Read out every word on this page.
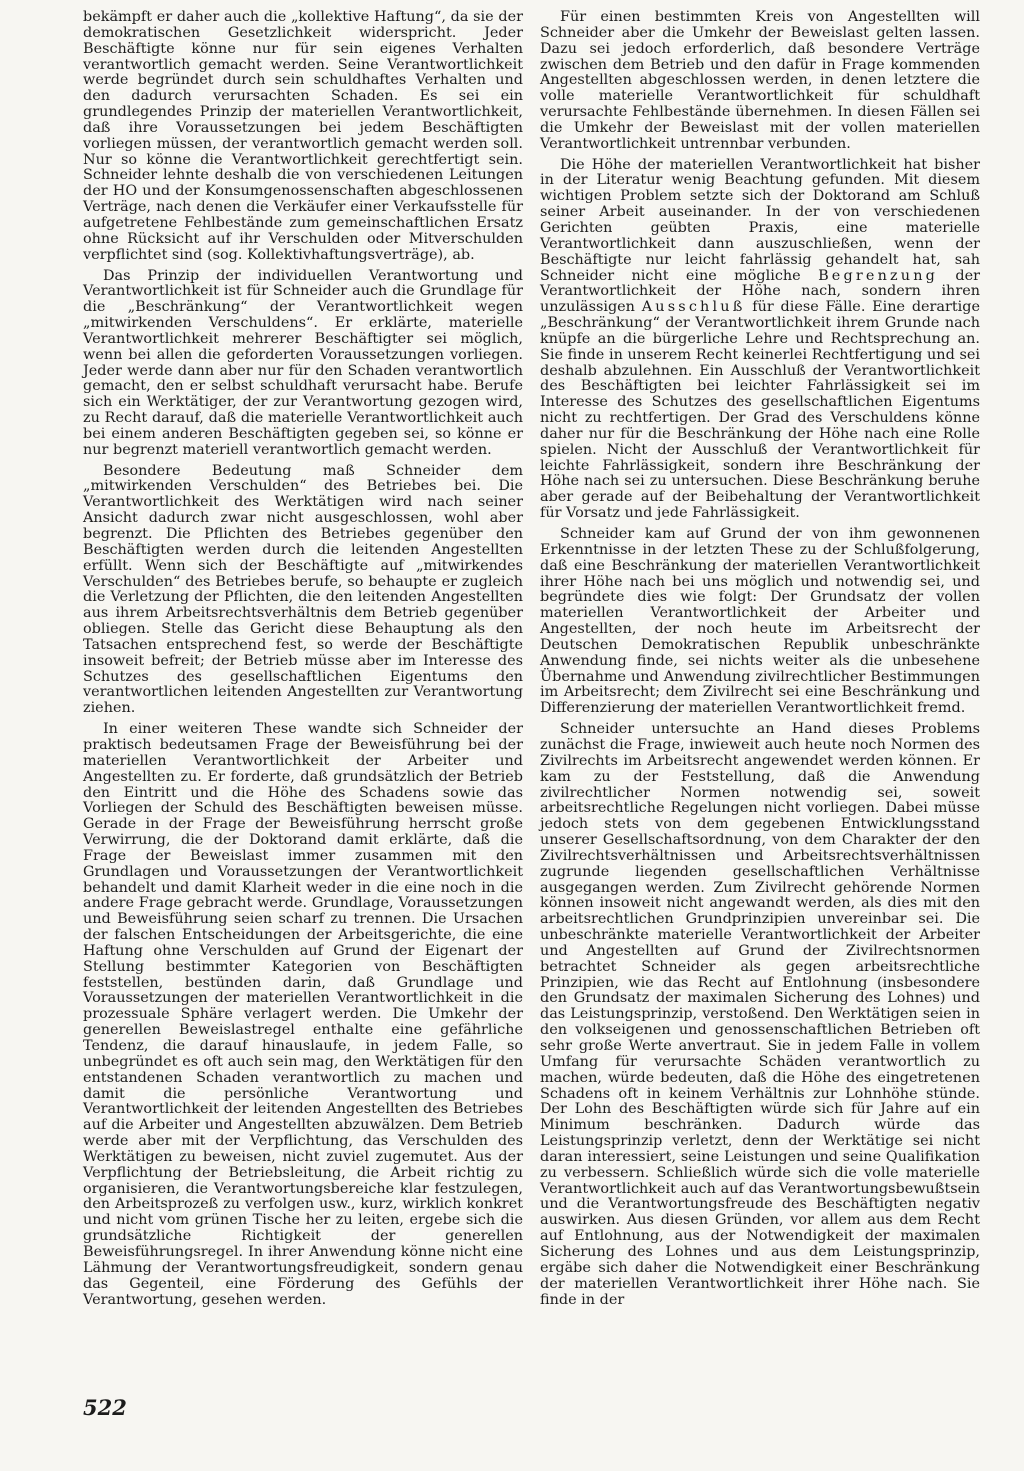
bekämpft er daher auch die „kollektive Haftung“, da sie der demokratischen Gesetzlichkeit widerspricht. Jeder Beschäftigte könne nur für sein eigenes Verhalten verantwortlich gemacht werden. Seine Verantwortlichkeit werde begründet durch sein schuldhaftes Verhalten und den dadurch verursachten Schaden. Es sei ein grundlegendes Prinzip der materiellen Verantwortlichkeit, daß ihre Voraussetzungen bei jedem Beschäftigten vorliegen müssen, der verantwortlich gemacht werden soll. Nur so könne die Verantwortlichkeit gerechtfertigt sein. Schneider lehnte deshalb die von verschiedenen Leitungen der HO und der Konsumgenossenschaften abgeschlossenen Verträge, nach denen die Verkäufer einer Verkaufsstelle für aufgetretene Fehlbestände zum gemeinschaftlichen Ersatz ohne Rücksicht auf ihr Verschulden oder Mitverschulden verpflichtet sind (sog. Kollektivhaftungsverträge), ab.

Das Prinzip der individuellen Verantwortung und Verantwortlichkeit ist für Schneider auch die Grundlage für die „Beschränkung“ der Verantwortlichkeit wegen „mitwirkenden Verschuldens“. Er erklärte, materielle Verantwortlichkeit mehrerer Beschäftigter sei möglich, wenn bei allen die geforderten Voraussetzungen vorliegen. Jeder werde dann aber nur für den Schaden verantwortlich gemacht, den er selbst schuldhaft verursacht habe. Berufe sich ein Werktätiger, der zur Verantwortung gezogen wird, zu Recht darauf, daß die materielle Verantwortlichkeit auch bei einem anderen Beschäftigten gegeben sei, so könne er nur begrenzt materiell verantwortlich gemacht werden.

Besondere Bedeutung maß Schneider dem „mitwirkenden Verschulden“ des Betriebes bei. Die Verantwortlichkeit des Werktätigen wird nach seiner Ansicht dadurch zwar nicht ausgeschlossen, wohl aber begrenzt. Die Pflichten des Betriebes gegenüber den Beschäftigten werden durch die leitenden Angestellten erfüllt. Wenn sich der Beschäftigte auf „mitwirkendes Verschulden“ des Betriebes berufe, so behaupte er zugleich die Verletzung der Pflichten, die den leitenden Angestellten aus ihrem Arbeitsrechtsverhältnis dem Betrieb gegenüber obliegen. Stelle das Gericht diese Behauptung als den Tatsachen entsprechend fest, so werde der Beschäftigte insoweit befreit; der Betrieb müsse aber im Interesse des Schutzes des gesellschaftlichen Eigentums den verantwortlichen leitenden Angestellten zur Verantwortung ziehen.

In einer weiteren These wandte sich Schneider der praktisch bedeutsamen Frage der Beweisführung bei der materiellen Verantwortlichkeit der Arbeiter und Angestellten zu. Er forderte, daß grundsätzlich der Betrieb den Eintritt und die Höhe des Schadens sowie das Vorliegen der Schuld des Beschäftigten beweisen müsse. Gerade in der Frage der Beweisführung herrscht große Verwirrung, die der Doktorand damit erklärte, daß die Frage der Beweislast immer zusammen mit den Grundlagen und Voraussetzungen der Verantwortlichkeit behandelt und damit Klarheit weder in die eine noch in die andere Frage gebracht werde. Grundlage, Voraussetzungen und Beweisführung seien scharf zu trennen. Die Ursachen der falschen Entscheidungen der Arbeitsgerichte, die eine Haftung ohne Verschulden auf Grund der Eigenart der Stellung bestimmter Kategorien von Beschäftigten feststellen, bestünden darin, daß Grundlage und Voraussetzungen der materiellen Verantwortlichkeit in die prozessuale Sphäre verlagert werden. Die Umkehr der generellen Beweislastregel enthalte eine gefährliche Tendenz, die darauf hinauslaufe, in jedem Falle, so unbegründet es oft auch sein mag, den Werktätigen für den entstandenen Schaden verantwortlich zu machen und damit die persönliche Verantwortung und Verantwortlichkeit der leitenden Angestellten des Betriebes auf die Arbeiter und Angestellten abzuwälzen. Dem Betrieb werde aber mit der Verpflichtung, das Verschulden des Werktätigen zu beweisen, nicht zuviel zugemutet. Aus der Verpflichtung der Betriebsleitung, die Arbeit richtig zu organisieren, die Verantwortungsbereiche klar festzulegen, den Arbeitsprozeß zu verfolgen usw., kurz, wirklich konkret und nicht vom grünen Tische her zu leiten, ergebe sich die grundsätzliche Richtigkeit der generellen Beweisführungsregel. In ihrer Anwendung könne nicht eine Lähmung der Verantwortungsfreudigkeit, sondern genau das Gegenteil, eine Förderung des Gefühls der Verantwortung, gesehen werden.

Für einen bestimmten Kreis von Angestellten will Schneider aber die Umkehr der Beweislast gelten lassen. Dazu sei jedoch erforderlich, daß besondere Verträge zwischen dem Betrieb und den dafür in Frage kommenden Angestellten abgeschlossen werden, in denen letztere die volle materielle Verantwortlichkeit für schuldhaft verursachte Fehlbestände übernehmen. In diesen Fällen sei die Umkehr der Beweislast mit der vollen materiellen Verantwortlichkeit untrennbar verbunden.

Die Höhe der materiellen Verantwortlichkeit hat bisher in der Literatur wenig Beachtung gefunden. Mit diesem wichtigen Problem setzte sich der Doktorand am Schluß seiner Arbeit auseinander. In der von verschiedenen Gerichten geübten Praxis, eine materielle Verantwortlichkeit dann auszuschließen, wenn der Beschäftigte nur leicht fahrlässig gehandelt hat, sah Schneider nicht eine mögliche Begrenzung der Verantwortlichkeit der Höhe nach, sondern ihren unzulässigen Ausschluß für diese Fälle. Eine derartige „Beschränkung“ der Verantwortlichkeit ihrem Grunde nach knüpfe an die bürgerliche Lehre und Rechtsprechung an. Sie finde in unserem Recht keinerlei Rechtfertigung und sei deshalb abzulehnen. Ein Ausschluß der Verantwortlichkeit des Beschäftigten bei leichter Fahrlässigkeit sei im Interesse des Schutzes des gesellschaftlichen Eigentums nicht zu rechtfertigen. Der Grad des Verschuldens könne daher nur für die Beschränkung der Höhe nach eine Rolle spielen. Nicht der Ausschluß der Verantwortlichkeit für leichte Fahrlässigkeit, sondern ihre Beschränkung der Höhe nach sei zu untersuchen. Diese Beschränkung beruhe aber gerade auf der Beibehaltung der Verantwortlichkeit für Vorsatz und jede Fahrlässigkeit.

Schneider kam auf Grund der von ihm gewonnenen Erkenntnisse in der letzten These zu der Schlußfolgerung, daß eine Beschränkung der materiellen Verantwortlichkeit ihrer Höhe nach bei uns möglich und notwendig sei, und begründete dies wie folgt: Der Grundsatz der vollen materiellen Verantwortlichkeit der Arbeiter und Angestellten, der noch heute im Arbeitsrecht der Deutschen Demokratischen Republik unbeschränkte Anwendung finde, sei nichts weiter als die unbesehene Übernahme und Anwendung zivilrechtlicher Bestimmungen im Arbeitsrecht; dem Zivilrecht sei eine Beschränkung und Differenzierung der materiellen Verantwortlichkeit fremd.

Schneider untersuchte an Hand dieses Problems zunächst die Frage, inwieweit auch heute noch Normen des Zivilrechts im Arbeitsrecht angewendet werden können. Er kam zu der Feststellung, daß die Anwendung zivilrechtlicher Normen notwendig sei, soweit arbeitsrechtliche Regelungen nicht vorliegen. Dabei müsse jedoch stets von dem gegebenen Entwicklungsstand unserer Gesellschaftsordnung, von dem Charakter der den Zivilrechtsverhältnissen und Arbeitsrechtsverhältnissen zugrunde liegenden gesellschaftlichen Verhältnisse ausgegangen werden. Zum Zivilrecht gehörende Normen können insoweit nicht angewandt werden, als dies mit den arbeitsrechtlichen Grundprinzipien unvereinbar sei. Die unbeschränkte materielle Verantwortlichkeit der Arbeiter und Angestellten auf Grund der Zivilrechtsnormen betrachtet Schneider als gegen arbeitsrechtliche Prinzipien, wie das Recht auf Entlohnung (insbesondere den Grundsatz der maximalen Sicherung des Lohnes) und das Leistungsprinzip, verstoßend. Den Werktätigen seien in den volkseigenen und genossenschaftlichen Betrieben oft sehr große Werte anvertraut. Sie in jedem Falle in vollem Umfang für verursachte Schäden verantwortlich zu machen, würde bedeuten, daß die Höhe des eingetretenen Schadens oft in keinem Verhältnis zur Lohnhöhe stünde. Der Lohn des Beschäftigten würde sich für Jahre auf ein Minimum beschränken. Dadurch würde das Leistungsprinzip verletzt, denn der Werktätige sei nicht daran interessiert, seine Leistungen und seine Qualifikation zu verbessern. Schließlich würde sich die volle materielle Verantwortlichkeit auch auf das Verantwortungsbewußtsein und die Verantwortungsfreude des Beschäftigten negativ auswirken. Aus diesen Gründen, vor allem aus dem Recht auf Entlohnung, aus der Notwendigkeit der maximalen Sicherung des Lohnes und aus dem Leistungsprinzip, ergäbe sich daher die Notwendigkeit einer Beschränkung der materiellen Verantwortlichkeit ihrer Höhe nach. Sie finde in der

522
